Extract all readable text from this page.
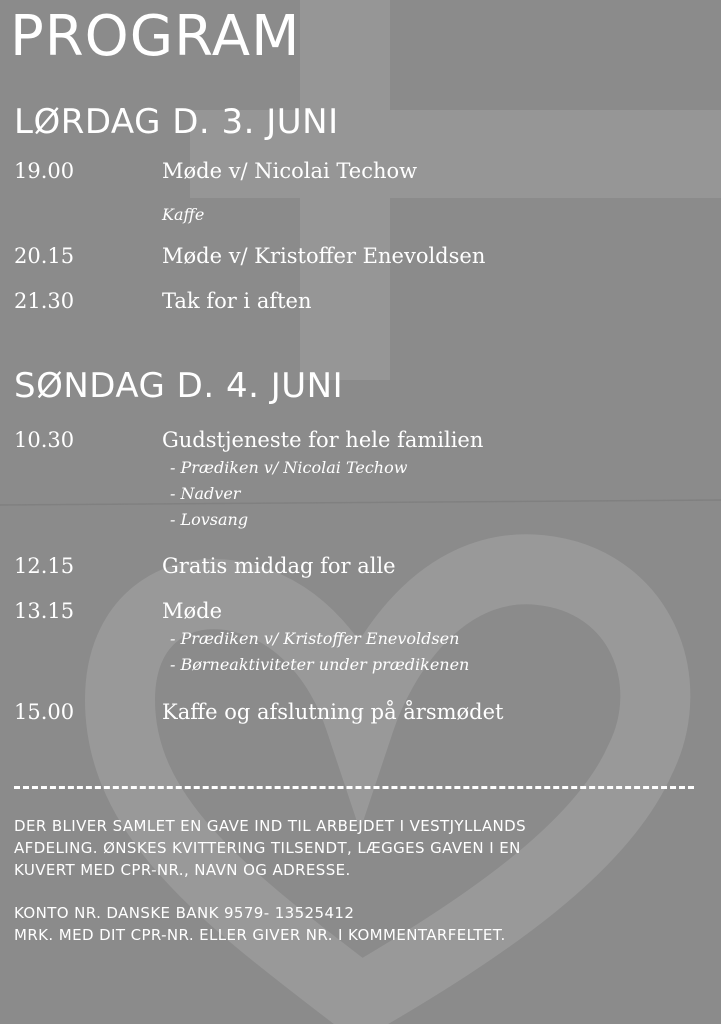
PROGRAM
LØRDAG D. 3. JUNI
19.00	Møde v/ Nicolai Techow
Kaffe
20.15	Møde v/ Kristoffer Enevoldsen
21.30	Tak for i aften
SØNDAG D. 4. JUNI
10.30	Gudstjeneste for hele familien
- Prædiken v/ Nicolai Techow
- Nadver
- Lovsang
12.15	Gratis middag for alle
13.15	Møde
- Prædiken v/ Kristoffer Enevoldsen
- Børneaktiviteter under prædikenen
15.00	Kaffe og afslutning på årsmødet
DER BLIVER SAMLET EN GAVE IND TIL ARBEJDET I VESTJYLLANDS
AFDELING. ØNSKES KVITTERING TILSENDT, LÆGGES GAVEN I EN
KUVERT MED CPR-NR., NAVN OG ADRESSE.
KONTO NR. DANSKE BANK 9579- 13525412
MRK. MED DIT CPR-NR. ELLER GIVER NR. I KOMMENTARFELTET.
